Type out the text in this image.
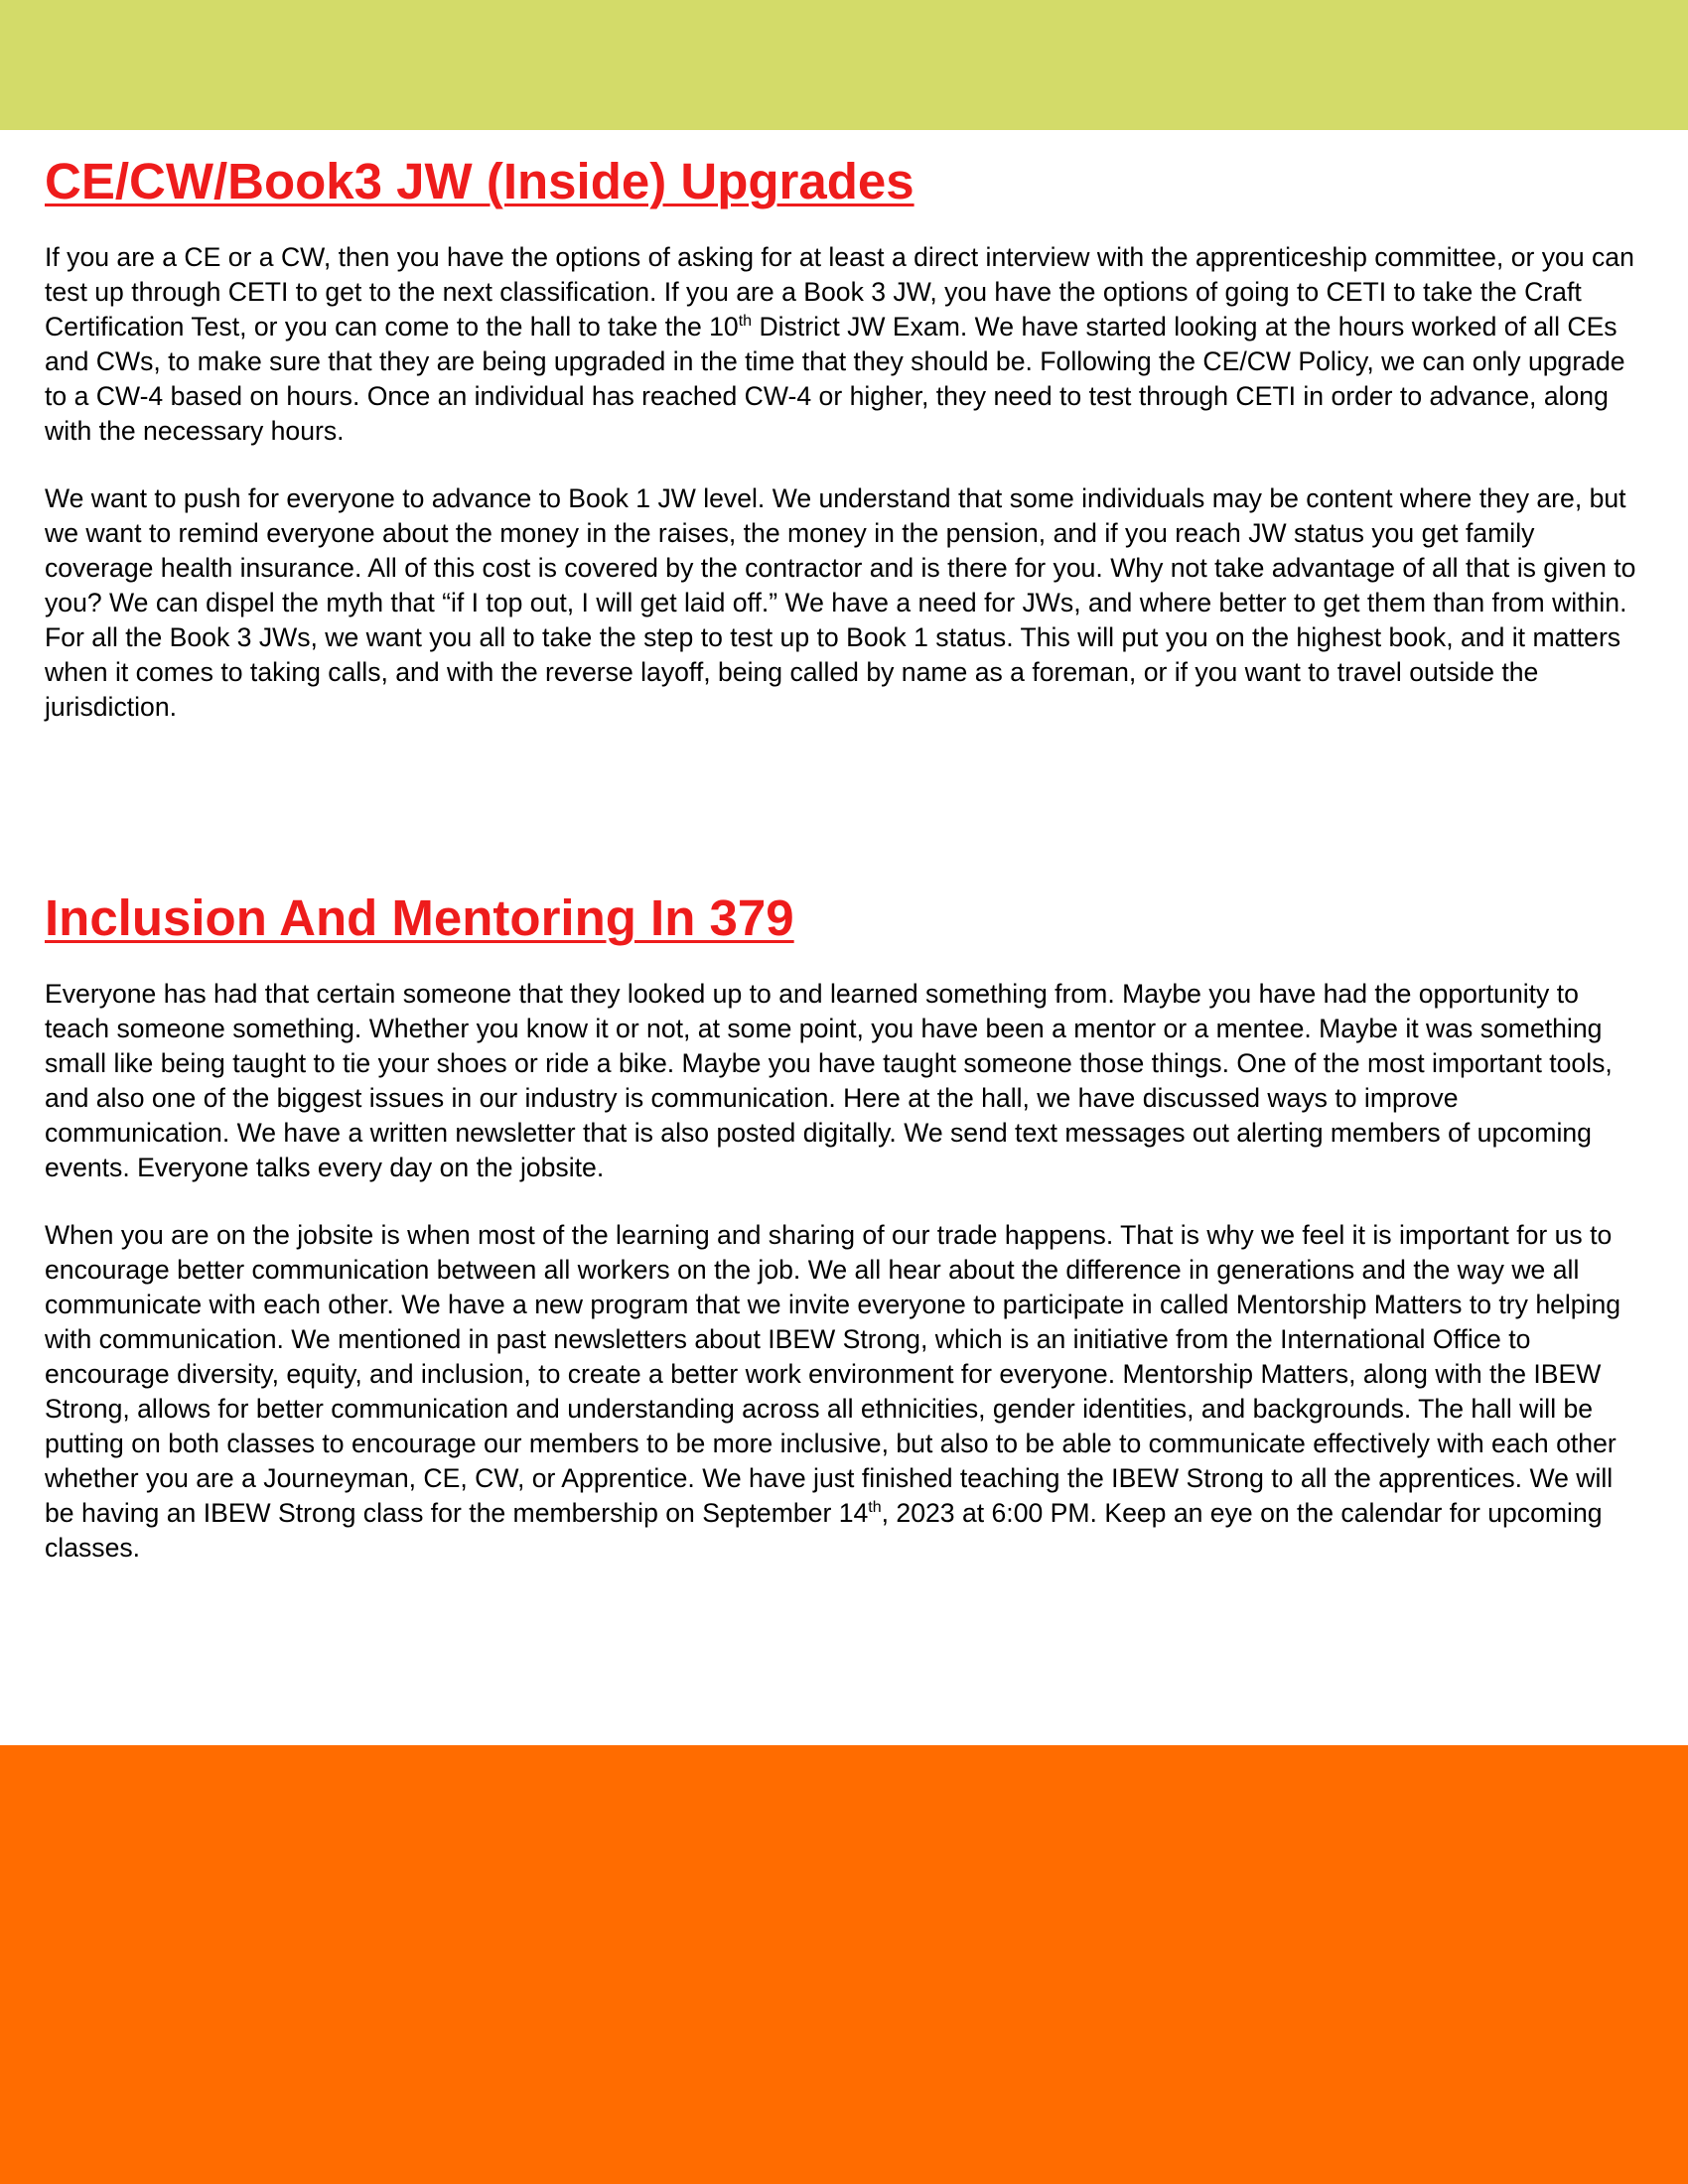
CE/CW/Book3 JW (Inside) Upgrades

If you are a CE or a CW, then you have the options of asking for at least a direct interview with the apprenticeship committee, or you can test up through CETI to get to the next classification. If you are a Book 3 JW, you have the options of going to CETI to take the Craft Certification Test, or you can come to the hall to take the 10th District JW Exam. We have started looking at the hours worked of all CEs and CWs, to make sure that they are being upgraded in the time that they should be. Following the CE/CW Policy, we can only upgrade to a CW-4 based on hours. Once an individual has reached CW-4 or higher, they need to test through CETI in order to advance, along with the necessary hours.

We want to push for everyone to advance to Book 1 JW level. We understand that some individuals may be content where they are, but we want to remind everyone about the money in the raises, the money in the pension, and if you reach JW status you get family coverage health insurance. All of this cost is covered by the contractor and is there for you. Why not take advantage of all that is given to you? We can dispel the myth that “if I top out, I will get laid off.” We have a need for JWs, and where better to get them than from within. For all the Book 3 JWs, we want you all to take the step to test up to Book 1 status. This will put you on the highest book, and it matters when it comes to taking calls, and with the reverse layoff, being called by name as a foreman, or if you want to travel outside the jurisdiction.

Inclusion And Mentoring In 379

Everyone has had that certain someone that they looked up to and learned something from. Maybe you have had the opportunity to teach someone something. Whether you know it or not, at some point, you have been a mentor or a mentee. Maybe it was something small like being taught to tie your shoes or ride a bike. Maybe you have taught someone those things. One of the most important tools, and also one of the biggest issues in our industry is communication. Here at the hall, we have discussed ways to improve communication. We have a written newsletter that is also posted digitally. We send text messages out alerting members of upcoming events. Everyone talks every day on the jobsite.

When you are on the jobsite is when most of the learning and sharing of our trade happens. That is why we feel it is important for us to encourage better communication between all workers on the job. We all hear about the difference in generations and the way we all communicate with each other. We have a new program that we invite everyone to participate in called Mentorship Matters to try helping with communication. We mentioned in past newsletters about IBEW Strong, which is an initiative from the International Office to encourage diversity, equity, and inclusion, to create a better work environment for everyone. Mentorship Matters, along with the IBEW Strong, allows for better communication and understanding across all ethnicities, gender identities, and backgrounds. The hall will be putting on both classes to encourage our members to be more inclusive, but also to be able to communicate effectively with each other whether you are a Journeyman, CE, CW, or Apprentice. We have just finished teaching the IBEW Strong to all the apprentices. We will be having an IBEW Strong class for the membership on September 14th, 2023 at 6:00 PM. Keep an eye on the calendar for upcoming classes.
